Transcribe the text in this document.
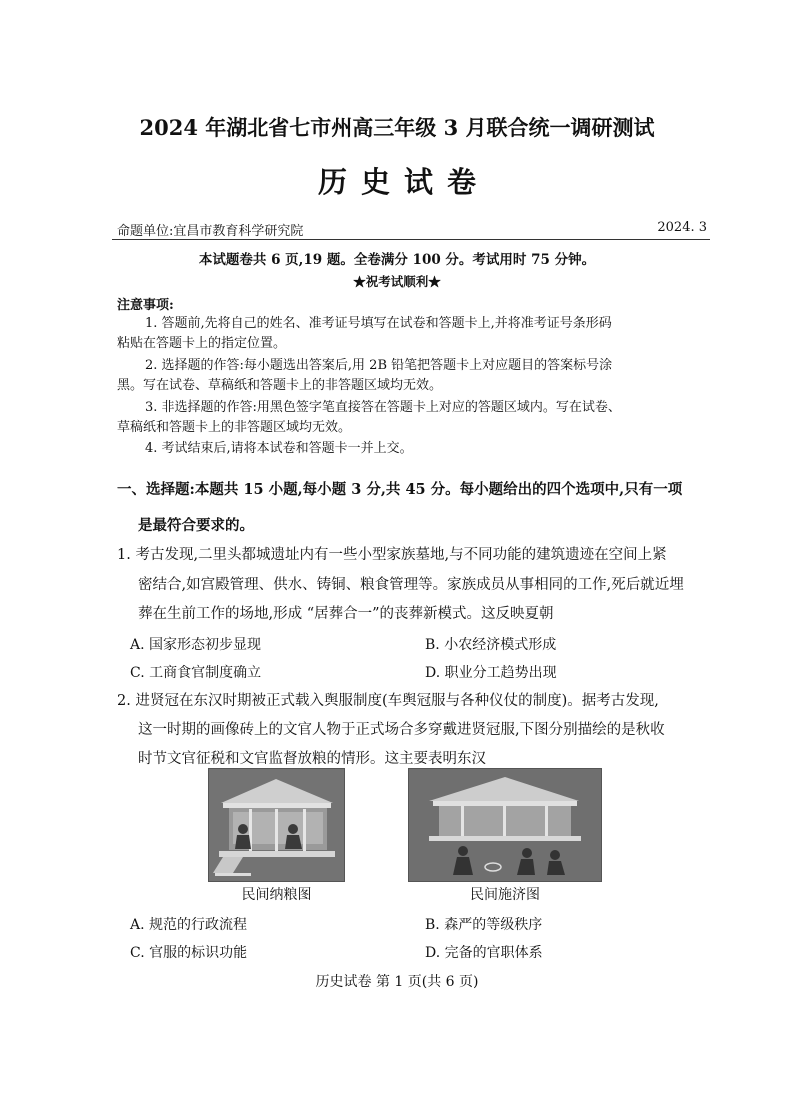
2024 年湖北省七市州高三年级 3 月联合统一调研测试
历史试卷
命题单位:宜昌市教育科学研究院	2024. 3
本试题卷共 6 页,19 题。全卷满分 100 分。考试用时 75 分钟。
★祝考试顺利★
注意事项:
1. 答题前,先将自己的姓名、准考证号填写在试卷和答题卡上,并将准考证号条形码
粘贴在答题卡上的指定位置。
2. 选择题的作答:每小题选出答案后,用 2B 铅笔把答题卡上对应题目的答案标号涂
黑。写在试卷、草稿纸和答题卡上的非答题区域均无效。
3. 非选择题的作答:用黑色签字笔直接答在答题卡上对应的答题区域内。写在试卷、
草稿纸和答题卡上的非答题区域均无效。
4. 考试结束后,请将本试卷和答题卡一并上交。
一、选择题:本题共 15 小题,每小题 3 分,共 45 分。每小题给出的四个选项中,只有一项
是最符合要求的。
1. 考古发现,二里头都城遗址内有一些小型家族墓地,与不同功能的建筑遗迹在空间上紧
密结合,如宫殿管理、供水、铸铜、粮食管理等。家族成员从事相同的工作,死后就近埋
葬在生前工作的场地,形成 “居葬合一”的丧葬新模式。这反映夏朝
A. 国家形态初步显现	B. 小农经济模式形成
C. 工商食官制度确立	D. 职业分工趋势出现
2. 进贤冠在东汉时期被正式载入舆服制度(车舆冠服与各种仪仗的制度)。据考古发现,
这一时期的画像砖上的文官人物于正式场合多穿戴进贤冠服,下图分别描绘的是秋收
时节文官征税和文官监督放粮的情形。这主要表明东汉
民间纳粮图	民间施济图
A. 规范的行政流程	B. 森严的等级秩序
C. 官服的标识功能	D. 完备的官职体系
历史试卷 第 1 页(共 6 页)
